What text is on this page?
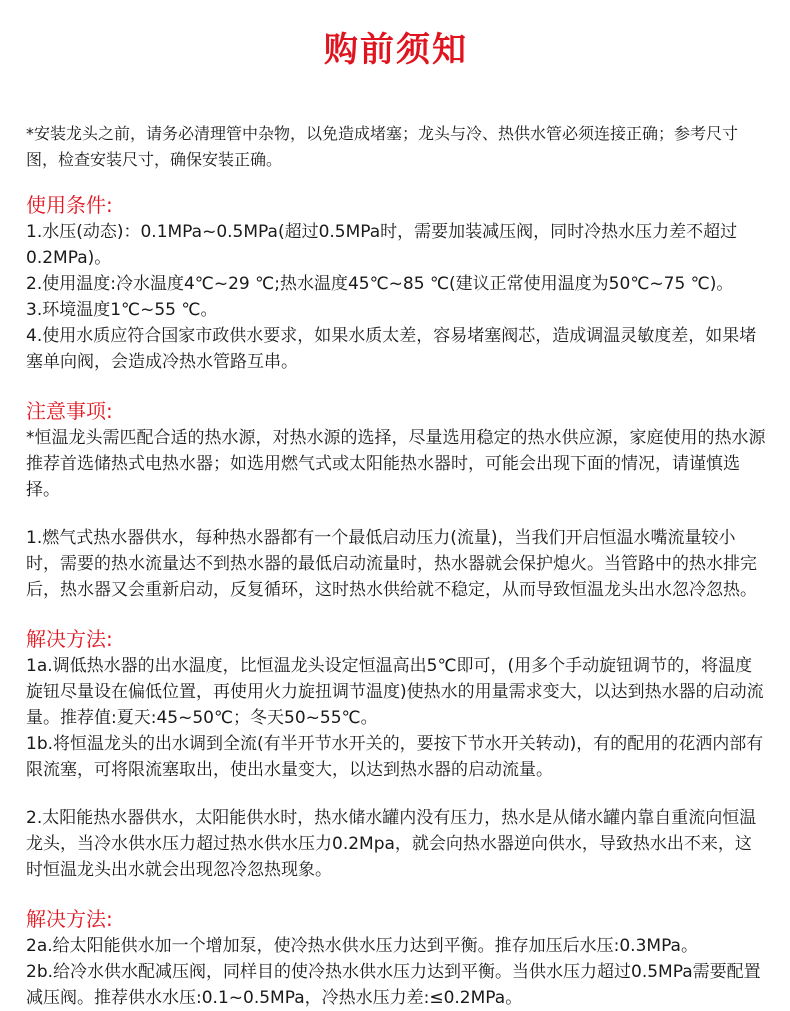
购前须知

*安装龙头之前，请务必清理管中杂物，以免造成堵塞；龙头与冷、热供水管必须连接正确；参考尺寸图，检查安装尺寸，确保安装正确。

使用条件:

1.水压(动态)：0.1MPa~0.5MPa(超过0.5MPa时，需要加装减压阀，同时冷热水压力差不超过0.2MPa)。

2.使用温度:冷水温度4℃~29 ℃;热水温度45℃~85 ℃(建议正常使用温度为50℃~75 ℃)。

3.环境温度1℃~55 ℃。

4.使用水质应符合国家市政供水要求，如果水质太差，容易堵塞阀芯，造成调温灵敏度差，如果堵塞单向阀，会造成冷热水管路互串。

注意事项:

*恒温龙头需匹配合适的热水源，对热水源的选择，尽量选用稳定的热水供应源，家庭使用的热水源推荐首选储热式电热水器；如选用燃气式或太阳能热水器时，可能会出现下面的情况，请谨慎选择。

1.燃气式热水器供水，每种热水器都有一个最低启动压力(流量)，当我们开启恒温水嘴流量较小时，需要的热水流量达不到热水器的最低启动流量时，热水器就会保护熄火。当管路中的热水排完后，热水器又会重新启动，反复循环，这时热水供给就不稳定，从而导致恒温龙头出水忽冷忽热。

解决方法:

1a.调低热水器的出水温度，比恒温龙头设定恒温高出5℃即可，(用多个手动旋钮调节的，将温度旋钮尽量设在偏低位置，再使用火力旋扭调节温度)使热水的用量需求变大，以达到热水器的启动流量。推荐值:夏天:45~50℃；冬天50~55℃。

1b.将恒温龙头的出水调到全流(有半开节水开关的，要按下节水开关转动)，有的配用的花洒内部有限流塞，可将限流塞取出，使出水量变大，以达到热水器的启动流量。

2.太阳能热水器供水，太阳能供水时，热水储水罐内没有压力，热水是从储水罐内靠自重流向恒温龙头，当冷水供水压力超过热水供水压力0.2Mpa，就会向热水器逆向供水，导致热水出不来，这时恒温龙头出水就会出现忽冷忽热现象。

解决方法:

2a.给太阳能供水加一个增加泵，使冷热水供水压力达到平衡。推存加压后水压:0.3MPa。

2b.给冷水供水配减压阀，同样目的使冷热水供水压力达到平衡。当供水压力超过0.5MPa需要配置减压阀。推荐供水水压:0.1~0.5MPa，冷热水压力差:≤0.2MPa。
